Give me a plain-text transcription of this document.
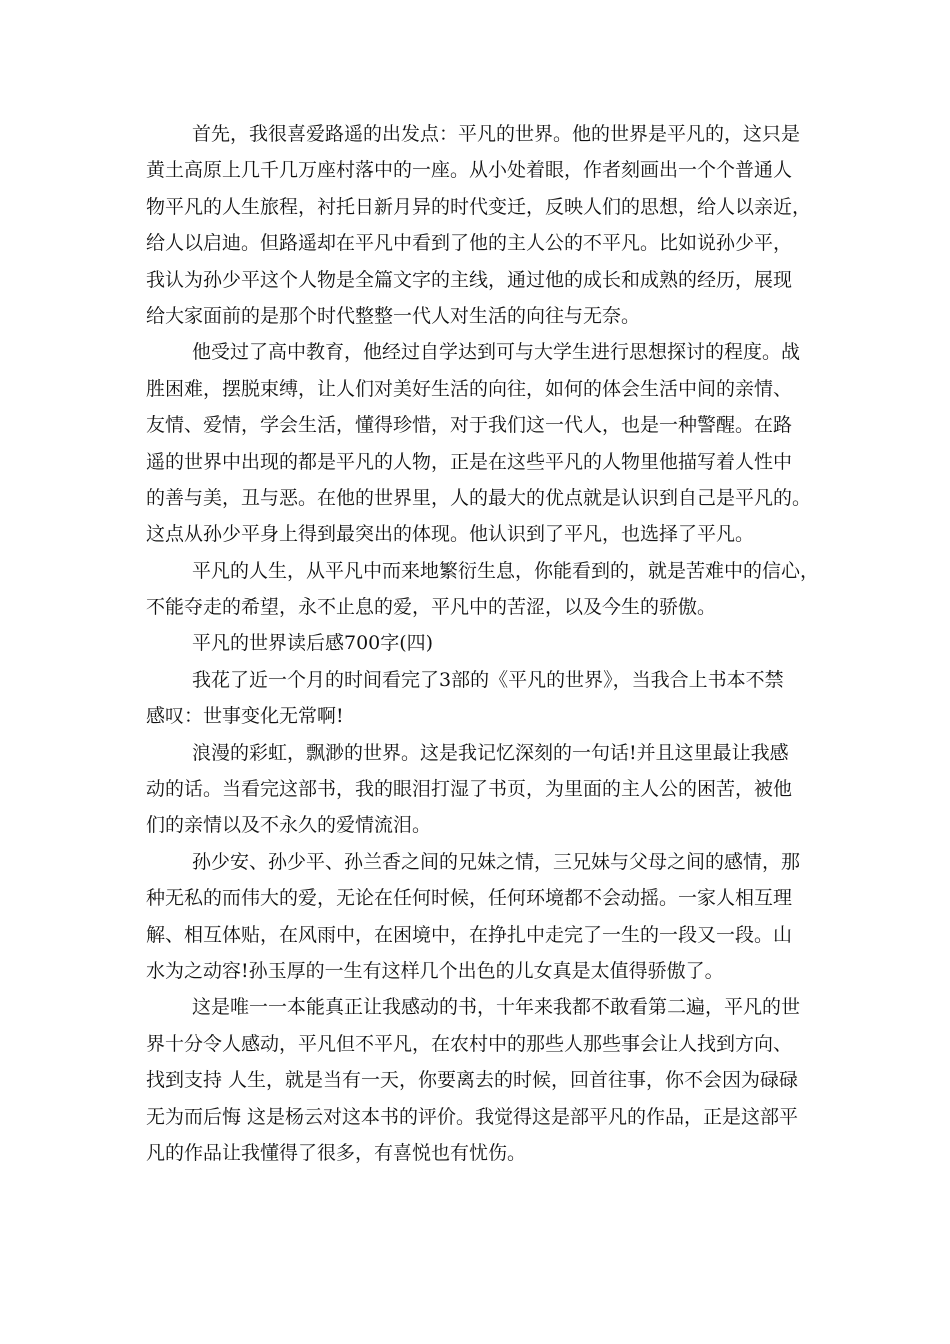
首先，我很喜爱路遥的出发点：平凡的世界。他的世界是平凡的，这只是
黄土高原上几千几万座村落中的一座。从小处着眼，作者刻画出一个个普通人
物平凡的人生旅程，衬托日新月异的时代变迁，反映人们的思想，给人以亲近，
给人以启迪。但路遥却在平凡中看到了他的主人公的不平凡。比如说孙少平，
我认为孙少平这个人物是全篇文字的主线，通过他的成长和成熟的经历，展现
给大家面前的是那个时代整整一代人对生活的向往与无奈。
他受过了高中教育，他经过自学达到可与大学生进行思想探讨的程度。战
胜困难，摆脱束缚，让人们对美好生活的向往，如何的体会生活中间的亲情、
友情、爱情，学会生活，懂得珍惜，对于我们这一代人，也是一种警醒。在路
遥的世界中出现的都是平凡的人物，正是在这些平凡的人物里他描写着人性中
的善与美，丑与恶。在他的世界里，人的最大的优点就是认识到自己是平凡的。
这点从孙少平身上得到最突出的体现。他认识到了平凡，也选择了平凡。
平凡的人生，从平凡中而来地繁衍生息，你能看到的，就是苦难中的信心，
不能夺走的希望，永不止息的爱，平凡中的苦涩，以及今生的骄傲。
平凡的世界读后感700字(四)
我花了近一个月的时间看完了3部的《平凡的世界》，当我合上书本不禁
感叹：世事变化无常啊!
浪漫的彩虹，飘渺的世界。这是我记忆深刻的一句话!并且这里最让我感
动的话。当看完这部书，我的眼泪打湿了书页，为里面的主人公的困苦，被他
们的亲情以及不永久的爱情流泪。
孙少安、孙少平、孙兰香之间的兄妹之情，三兄妹与父母之间的感情，那
种无私的而伟大的爱，无论在任何时候，任何环境都不会动摇。一家人相互理
解、相互体贴，在风雨中，在困境中，在挣扎中走完了一生的一段又一段。山
水为之动容!孙玉厚的一生有这样几个出色的儿女真是太值得骄傲了。
这是唯一一本能真正让我感动的书，十年来我都不敢看第二遍，平凡的世
界十分令人感动，平凡但不平凡，在农村中的那些人那些事会让人找到方向、
找到支持 人生，就是当有一天，你要离去的时候，回首往事，你不会因为碌碌
无为而后悔 这是杨云对这本书的评价。我觉得这是部平凡的作品，正是这部平
凡的作品让我懂得了很多，有喜悦也有忧伤。
